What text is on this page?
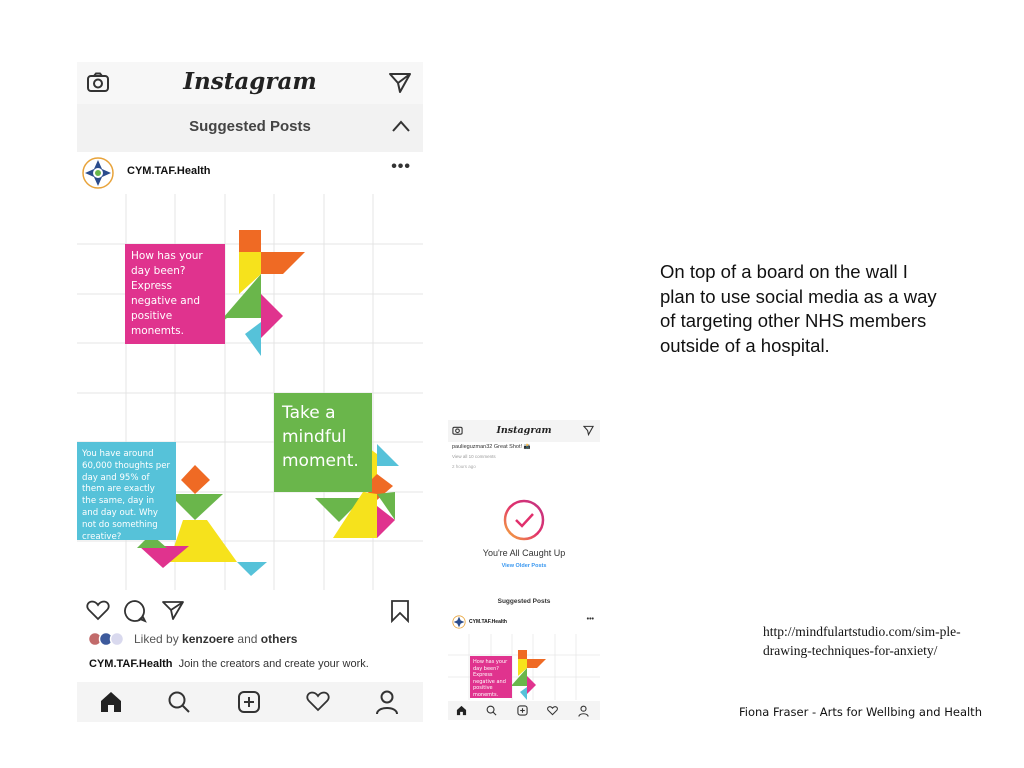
Instagram
Suggested Posts
CYM.TAF.Health	•••
How has your day been? Express negative and positive monemts.
Take a mindful moment.
You have around 60,000 thoughts per day and 95% of them are exactly the same, day in and day out. Why not do something creative?
Liked by kenzoere and others
CYM.TAF.Health Join the creators and create your work.
Instagram
paulieguzman32 Great Shot! 📸
View all 10 comments
2 hours ago
You're All Caught Up
View Older Posts
Suggested Posts
CYM.TAF.Health	•••
How has your day been? Express negative and positive monemts.
On top of a board on the wall I plan to use social media as a way of targeting other NHS members outside of a hospital.
http://mindfulartstudio.com/sim-ple-drawing-techniques-for-anxiety/
Fiona Fraser - Arts for Wellbing and Health
